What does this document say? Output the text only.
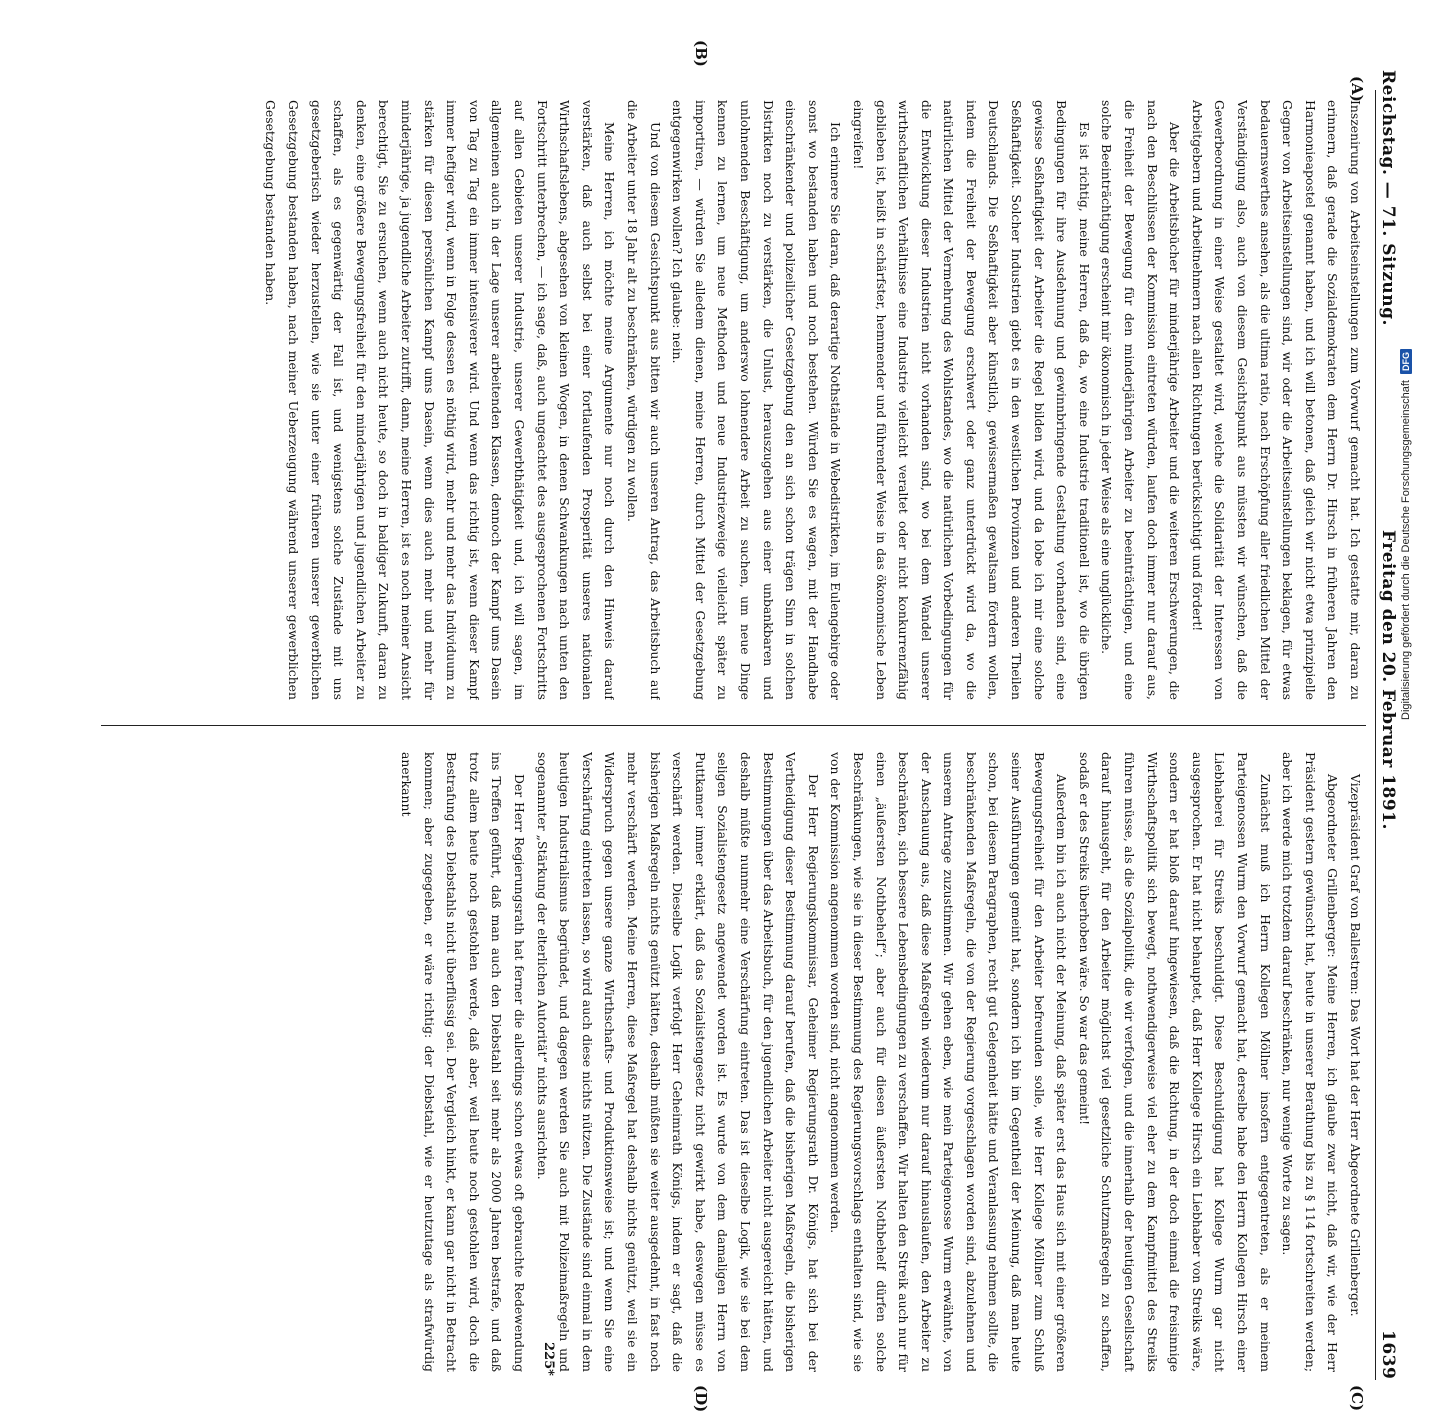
Reichstag. — 71. Sitzung.
Freitag den 20. Februar 1891.
1639
(A)
(B)
(C)
(D)

Inszenirung von Arbeitseinstellungen zum Vorwurf gemacht hat. Ich gestatte mir, daran zu erinnern, daß gerade die Sozialdemokraten dem Herrn Dr. Hirsch in früheren Jahren den Harmonieapostel genannt haben, und ich will betonen, daß gleich wir nicht etwa prinzipielle Gegner von Arbeitseinstellungen sind, wir oder die Arbeitseinstellungen beklagen, für etwas bedauernswerthes ansehen, als die ultima ratio, nach Erschöpfung aller friedlichen Mittel der Verständigung also, auch von diesem Gesichtspunkt aus müssten wir wünschen, daß die Gewerbeordnung in einer Weise gestaltet wird, welche die Solidarität der Interessen von Arbeitgebern und Arbeitnehmern nach allen Richtungen berücksichtigt und fördert!

Aber die Arbeitsbücher für minderjährige Arbeiter und die weiteren Erschwerungen, die nach den Beschlüssen der Kommission eintreten würden, laufen doch immer nur darauf aus, die Freiheit der Bewegung für den minderjährigen Arbeiter zu beeinträchtigen, und eine solche Beeinträchtigung erscheint mir ökonomisch in jeder Weise als eine unglückliche.

Es ist richtig, meine Herren, daß da, wo eine Industrie traditionell ist, wo die übrigen Bedingungen für ihre Ausdehnung und gewinnbringende Gestaltung vorhanden sind, eine gewisse Seßhaftigkeit der Arbeiter die Regel bilden wird, und da lobe ich mir eine solche Seßhaftigkeit. Solcher Industrien giebt es in den westlichen Provinzen und anderen Theilen Deutschlands. Die Seßhaftigkeit aber künstlich, gewissermaßen gewaltsam fördern wollen, indem die Freiheit der Bewegung erschwert oder ganz unterdrückt wird da, wo die natürlichen Mittel der Vermehrung des Wohlstandes, wo die natürlichen Vorbedingungen für die Entwicklung dieser Industrien nicht vorhanden sind, wo bei dem Wandel unserer wirthschaftlichen Verhältnisse eine Industrie vielleicht veraltet oder nicht konkurrenzfähig geblieben ist, heißt in schärfster, hemmender und führender Weise in das ökonomische Leben eingreifen!

Ich erinnere Sie daran, daß derartige Nothstände in Webedistrikten, im Eulengebirge oder sonst wo bestanden haben und noch bestehen. Würden Sie es wagen, mit der Handhabe einschränkender und polizeilicher Gesetzgebung den an sich schon trägen Sinn in solchen Distrikten noch zu verstärken, die Unlust, herauszugehen aus einer unbankbaren und unlohnenden Beschäftigung, um anderswo lohnendere Arbeit zu suchen, um neue Dinge kennen zu lernen, um neue Methoden und neue Industriezweige vielleicht später zu importiren, — würden Sie alledem dienen, meine Herren, durch Mittel der Gesetzgebung entgegenwirken wollen? Ich glaube: nein.

Und von diesem Gesichtspunkt aus bitten wir auch unseren Antrag, das Arbeitsbuch auf die Arbeiter unter 18 Jahr alt zu beschränken, würdigen zu wollen.

Meine Herren, ich möchte meine Argumente nur noch durch den Hinweis darauf verstärken, daß auch selbst bei einer fortlaufenden Prosperität unseres nationalen Wirthschaftslebens, abgesehen von kleinen Wogen, in denen Schwankungen nach unten den Fortschritt unterbrechen, — ich sage, daß, auch ungeachtet des ausgesprochenen Fortschritts auf allen Gebieten unserer Industrie, unserer Gewerbthätigkeit und, ich will sagen, im allgemeinen auch in der Lage unserer arbeitenden Klassen, dennoch der Kampf ums Dasein von Tag zu Tag ein immer intensiverer wird. Und wenn das richtig ist, wenn dieser Kampf immer heftiger wird, wenn in Folge dessen es nöthig wird, mehr und mehr das Individuum zu stärken für diesen persönlichen Kampf ums Dasein, wenn dies auch mehr und mehr für minderjährige, ja jugendliche Arbeiter zutrifft, dann, meine Herren, ist es noch meiner Ansicht berechtigt, Sie zu ersuchen, wenn auch nicht heute, so doch in baldiger Zukunft, daran zu denken, eine größere Bewegungsfreiheit für den minderjährigen und jugendlichen Arbeiter zu schaffen, als es gegenwärtig der Fall ist, und wenigstens solche Zustände mit uns gesetzgeberisch wieder herzustellen, wie sie unter einer früheren unserer gewerblichen Gesetzgebung bestanden haben, nach meiner Ueberzeugung während unserer gewerblichen Gesetzgebung bestanden haben.

Vizepräsident Graf von Ballestrem: Das Wort hat der Herr Abgeordnete Grillenberger.

Abgeordneter Grillenberger: Meine Herren, ich glaube zwar nicht, daß wir, wie der Herr Präsident gestern gewünscht hat, heute in unserer Berathung bis zu § 114 fortschreiten werden; aber ich werde mich trotzdem darauf beschränken, nur wenige Worte zu sagen.

Zunächst muß ich Herrn Kollegen Möllner insofern entgegentreten, als er meinem Parteigenossen Wurm den Vorwurf gemacht hat, derselbe habe den Herrn Kollegen Hirsch einer Liebhaberei für Streiks beschuldigt. Diese Beschuldigung hat Kollege Wurm gar nicht ausgesprochen. Er hat nicht behauptet, daß Herr Kollege Hirsch ein Liebhaber von Streiks wäre, sondern er hat bloß darauf hingewiesen, daß die Richtung, in der doch einmal die freisinnige Wirthschaftspolitik sich bewegt, nothwendigerweise viel eher zu dem Kampfmittel des Streiks führen müsse, als die Sozialpolitik, die wir verfolgen, und die innerhalb der heutigen Gesellschaft darauf hinausgeht, für den Arbeiter möglichst viel gesetzliche Schutzmaßregeln zu schaffen, sodaß er des Streiks überhoben wäre. So war das gemeint!

Außerdem bin ich auch nicht der Meinung, daß später erst das Haus sich mit einer größeren Bewegungsfreiheit für den Arbeiter befreunden solle, wie Herr Kollege Möllner zum Schluß seiner Ausführungen gemeint hat, sondern ich bin im Gegentheil der Meinung, daß man heute schon, bei diesem Paragraphen, recht gut Gelegenheit hätte und Veranlassung nehmen sollte, die beschränkenden Maßregeln, die von der Regierung vorgeschlagen worden sind, abzulehnen und unserem Antrage zuzustimmen. Wir gehen eben, wie mein Parteigenosse Wurm erwähnte, von der Anschauung aus, daß diese Maßregeln wiederum nur darauf hinauslaufen, den Arbeiter zu beschränken, sich bessere Lebensbedingungen zu verschaffen. Wir halten den Streik auch nur für einen „äußersten Nothbehelf“; aber auch für diesen äußersten Nothbehelf dürfen solche Beschränkungen, wie sie in dieser Bestimmung des Regierungsvorschlags enthalten sind, wie sie von der Kommission angenommen worden sind, nicht angenommen werden.

Der Herr Regierungskommissar, Geheimer Regierungsrath Dr. Königs, hat sich bei der Vertheidigung dieser Bestimmung darauf berufen, daß die bisherigen Maßregeln, die bisherigen Bestimmungen über das Arbeitsbuch, für den jugendlichen Arbeiter nicht ausgereicht hätten, und deshalb müßte nunmehr eine Verschärfung eintreten. Das ist dieselbe Logik, wie sie bei dem seligen Sozialistengesetz angewendet worden ist. Es wurde von dem damaligen Herrn von Puttkamer immer erklärt, daß das Sozialistengesetz nicht gewirkt habe, deswegen müsse es verschärft werden. Dieselbe Logik verfolgt Herr Geheimrath Königs, indem er sagt, daß die bisherigen Maßregeln nichts genützt hätten, deshalb müßten sie weiter ausgedehnt, in fast noch mehr verschärft werden. Meine Herren, diese Maßregel hat deshalb nichts genützt, weil sie ein Widerspruch gegen unsere ganze Wirthschafts- und Produktionsweise ist; und wenn Sie eine Verschärfung eintreten lassen, so wird auch diese nichts nützen. Die Zustände sind einmal in dem heutigen Industrialismus begründet, und dagegen werden Sie auch mit Polizeimaßregeln und sogenannter „Stärkung der elterlichen Autorität“ nichts ausrichten.

Der Herr Regierungsrath hat ferner die allerdings schon etwas oft gebrauchte Redewendung ins Treffen geführt, daß man auch den Diebstahl seit mehr als 2000 Jahren bestrafe, und daß trotz allem heute noch gestohlen werde, daß aber, weil heute noch gestohlen wird, doch die Bestrafung des Diebstahls nicht überflüssig sei. Der Vergleich hinkt, er kann gar nicht in Betracht kommen; aber zugegeben, er wäre richtig: der Diebstahl, wie er heutzutage als strafwürdig anerkannt

225*
Digitalisierung gefördert durch die Deutsche Forschungsgemeinschaft
DFG
